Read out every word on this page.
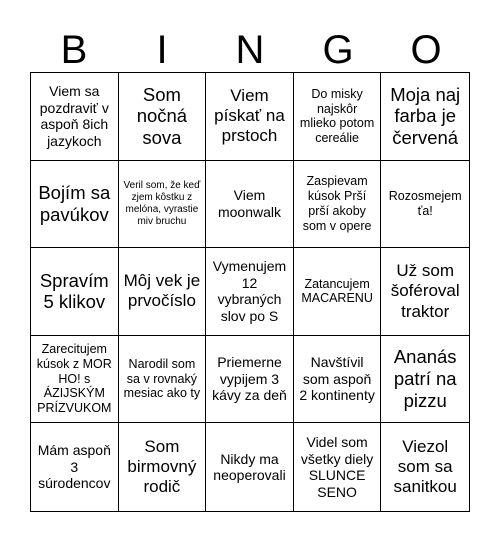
B	I	N	G	O
Viem sa pozdraviť v aspoň 8ich jazykoch
Som nočná sova
Viem pískať na prstoch
Do misky najskôr mlieko potom cereálie
Moja naj farba je červená
Bojím sa pavúkov
Veril som, že keď zjem kôstku z melóna, vyrastie miv bruchu
Viem moonwalk
Zaspievam kúsok Prší prší akoby som v opere
Rozosmejem ťa!
Spravím 5 klikov
Môj vek je prvočíslo
Vymenujem 12 vybraných slov po S
Zatancujem MACARENU
Už som šoféroval traktor
Zarecitujem kúsok z MOR HO! s ÁZIJSKÝM PRÍZVUKOM
Narodil som sa v rovnaký mesiac ako ty
Priemerne vypijem 3 kávy za deň
Navštívil som aspoň 2 kontinenty
Ananás patrí na pizzu
Mám aspoň 3 súrodencov
Som birmovný rodič
Nikdy ma neoperovali
Videl som všetky diely SLUNCE SENO
Viezol som sa sanitkou
